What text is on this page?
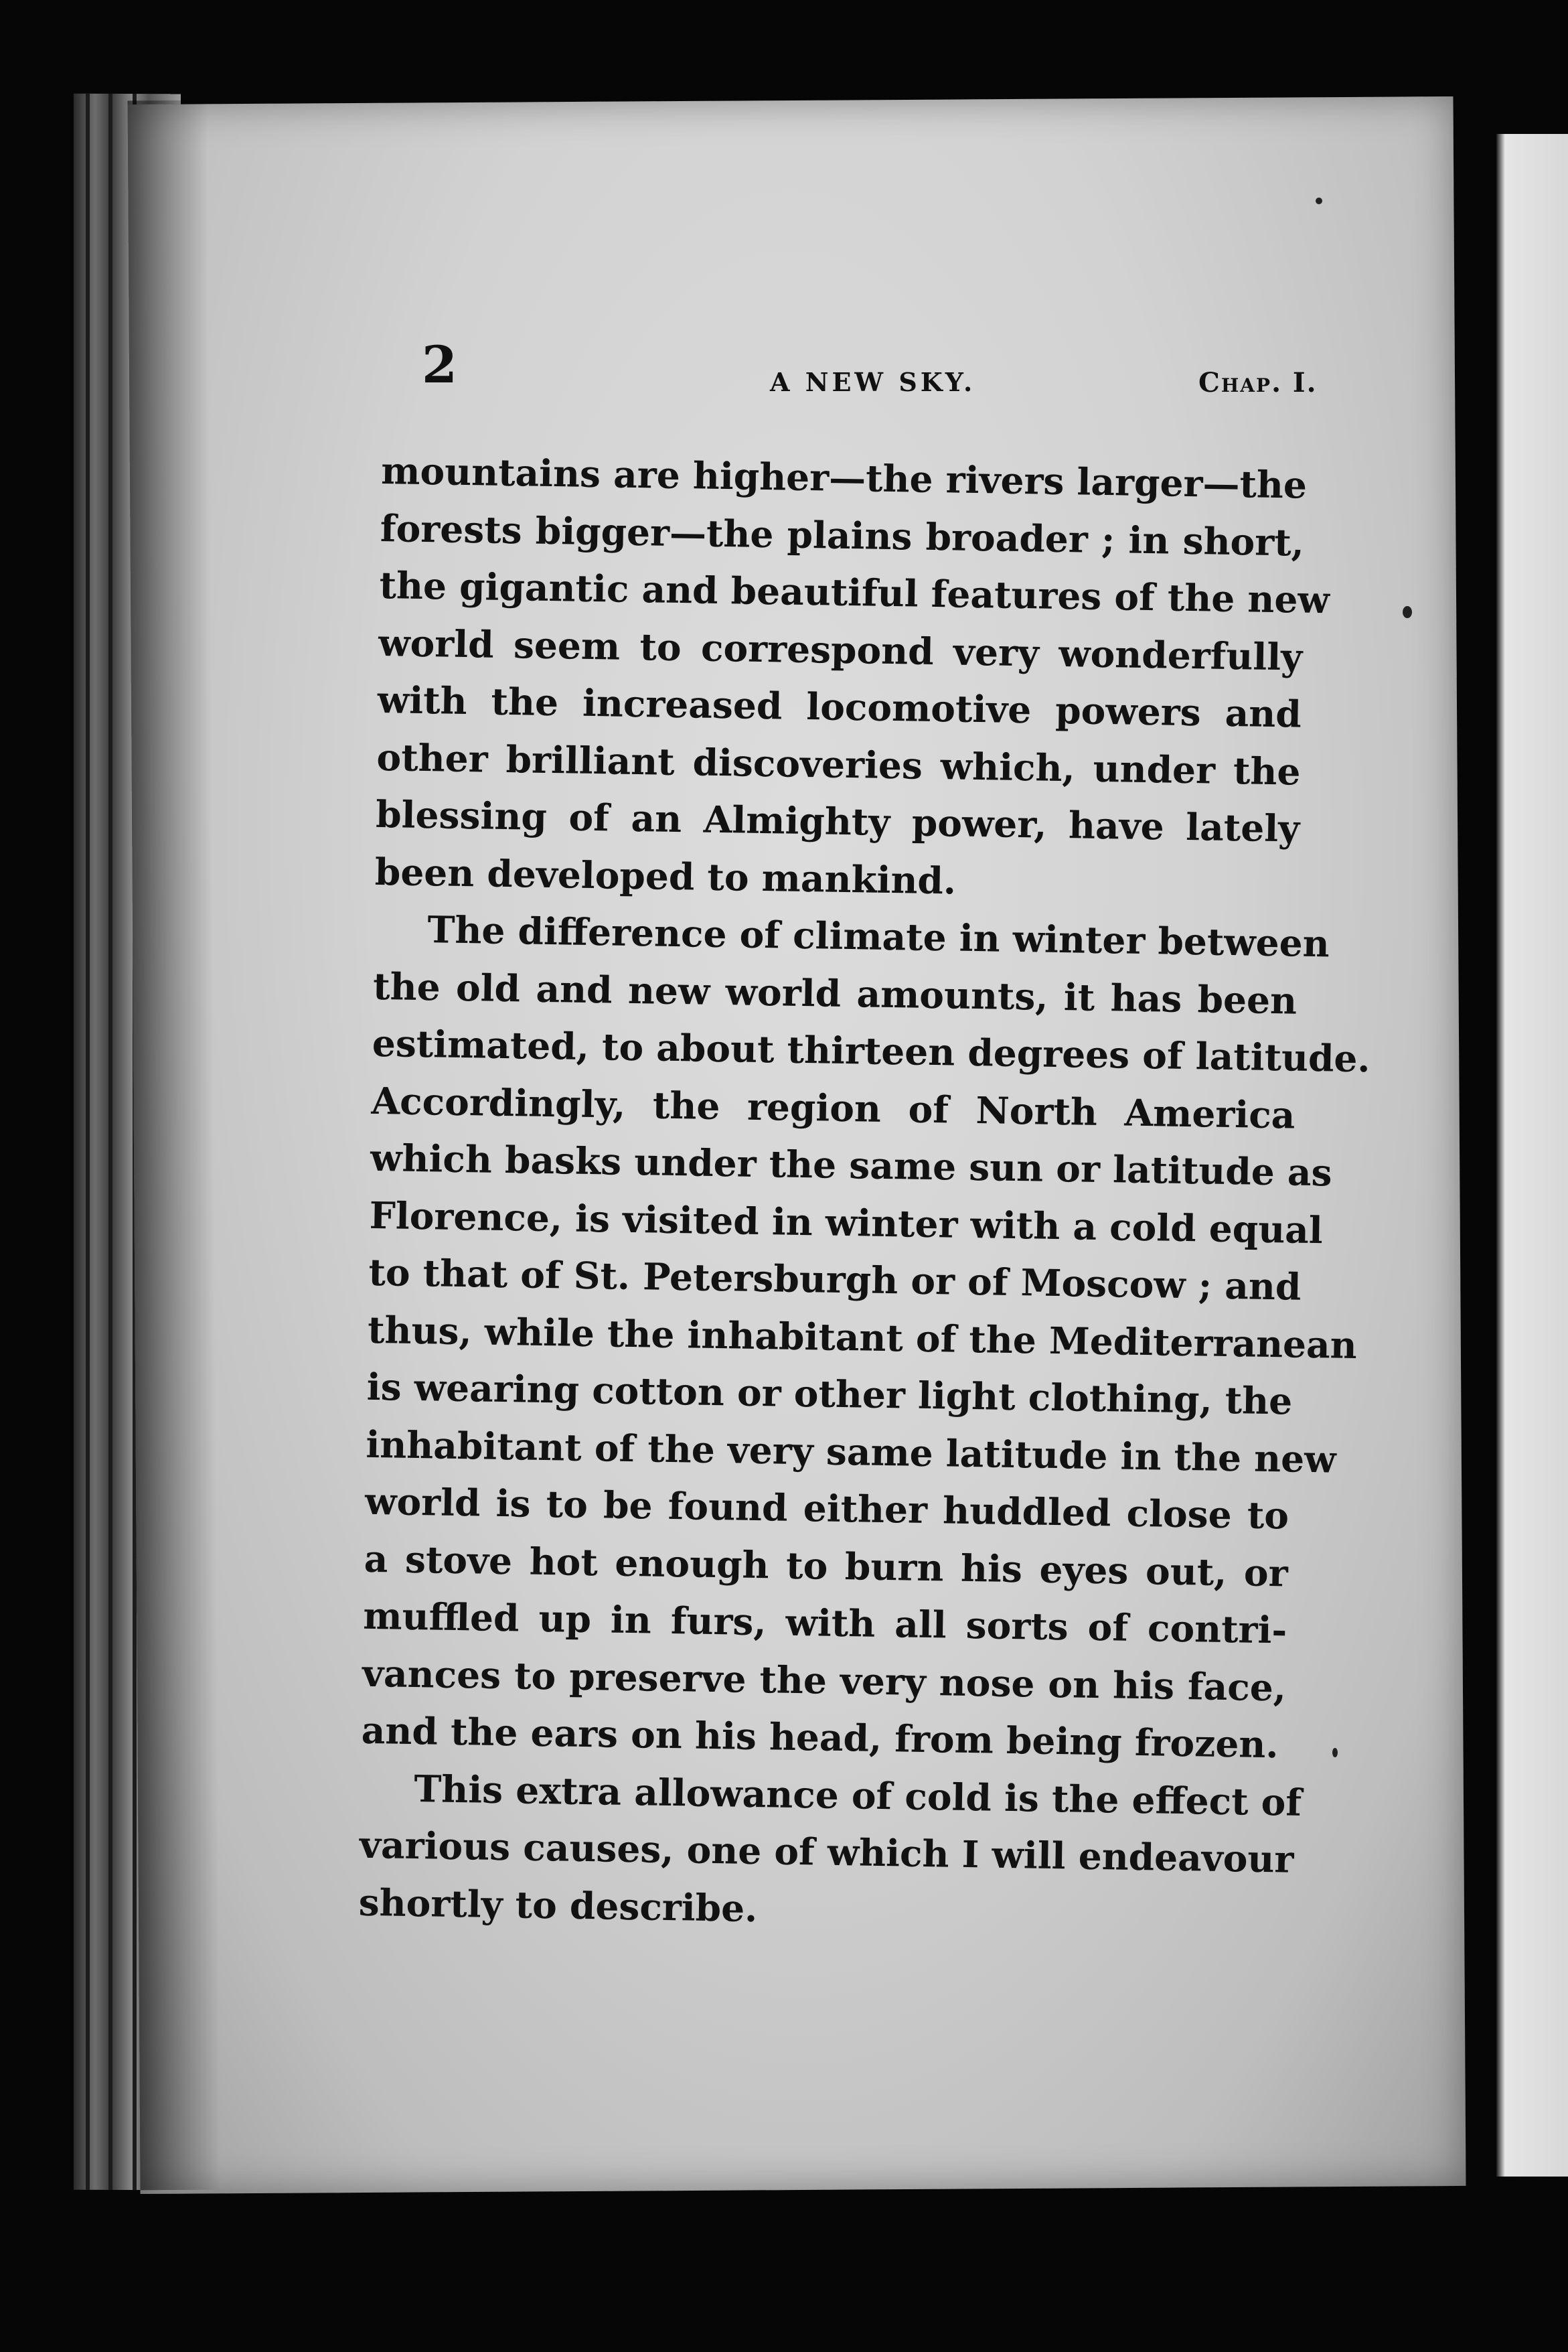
2	A NEW SKY.	Chap. I.

mountains are higher—the rivers larger—the
forests bigger—the plains broader ; in short,
the gigantic and beautiful features of the new
world seem to correspond very wonderfully
with the increased locomotive powers and
other brilliant discoveries which, under the
blessing of an Almighty power, have lately
been developed to mankind.

The difference of climate in winter between
the old and new world amounts, it has been
estimated, to about thirteen degrees of latitude.
Accordingly, the region of North America
which basks under the same sun or latitude as
Florence, is visited in winter with a cold equal
to that of St. Petersburgh or of Moscow ; and
thus, while the inhabitant of the Mediterranean
is wearing cotton or other light clothing, the
inhabitant of the very same latitude in the new
world is to be found either huddled close to
a stove hot enough to burn his eyes out, or
muffled up in furs, with all sorts of contri-
vances to preserve the very nose on his face,
and the ears on his head, from being frozen.

This extra allowance of cold is the effect of
various causes, one of which I will endeavour
shortly to describe.
